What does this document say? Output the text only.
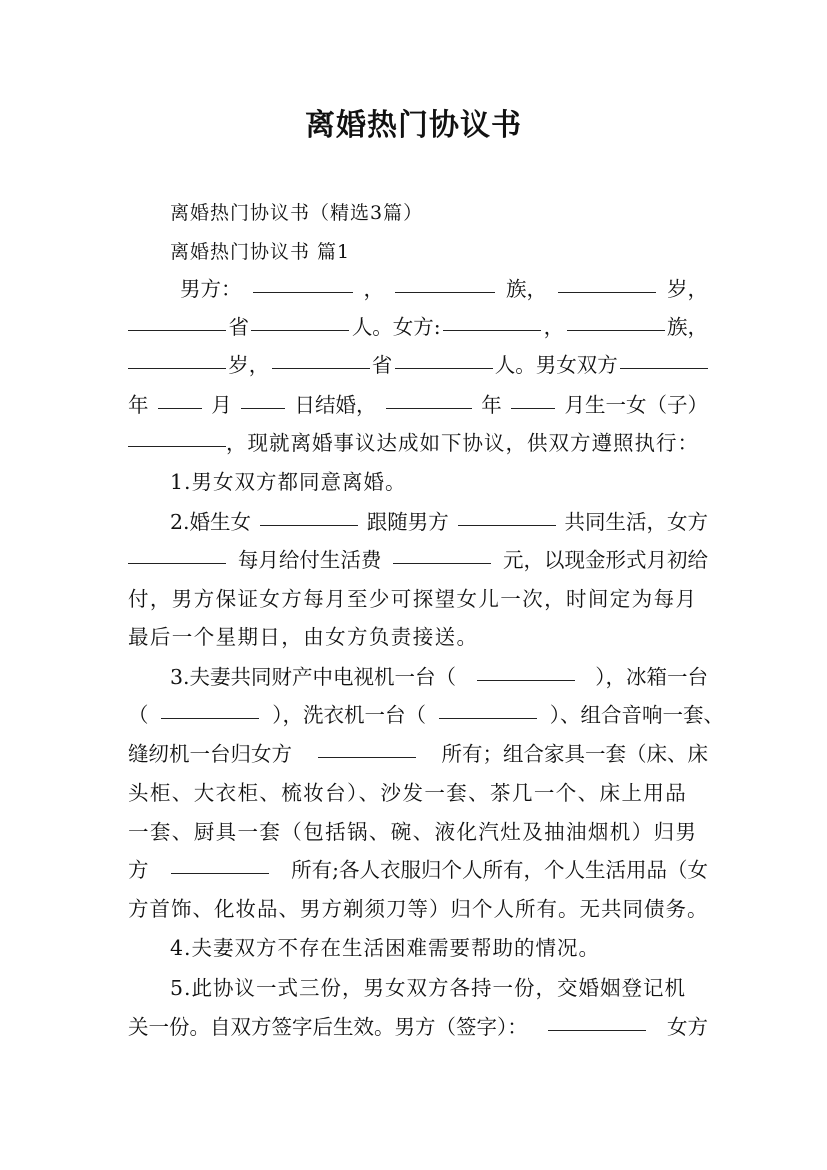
离婚热门协议书
离婚热门协议书（精选3篇）
离婚热门协议书 篇1
男方：	，	族，	岁，
省	人。女方:	，	族，
岁，	省	人。男女双方
年	月	日结婚，	年	月生一女（子）
，现就离婚事议达成如下协议，供双方遵照执行：
1.男女双方都同意离婚。
2.婚生女	跟随男方	共同生活，女方
每月给付生活费	元，以现金形式月初给
付，男方保证女方每月至少可探望女儿一次，时间定为每月
最后一个星期日，由女方负责接送。
3.夫妻共同财产中电视机一台（	），冰箱一台
（	），洗衣机一台（	）、组合音响一套、
缝纫机一台归女方	所有；组合家具一套（床、床
头柜、大衣柜、梳妆台）、沙发一套、茶几一个、床上用品
一套、厨具一套（包括锅、碗、液化汽灶及抽油烟机）归男
方	所有;各人衣服归个人所有，个人生活用品（女
方首饰、化妆品、男方剃须刀等）归个人所有。无共同债务。
4.夫妻双方不存在生活困难需要帮助的情况。
5.此协议一式三份，男女双方各持一份，交婚姻登记机
关一份。自双方签字后生效。男方（签字）：	女方
